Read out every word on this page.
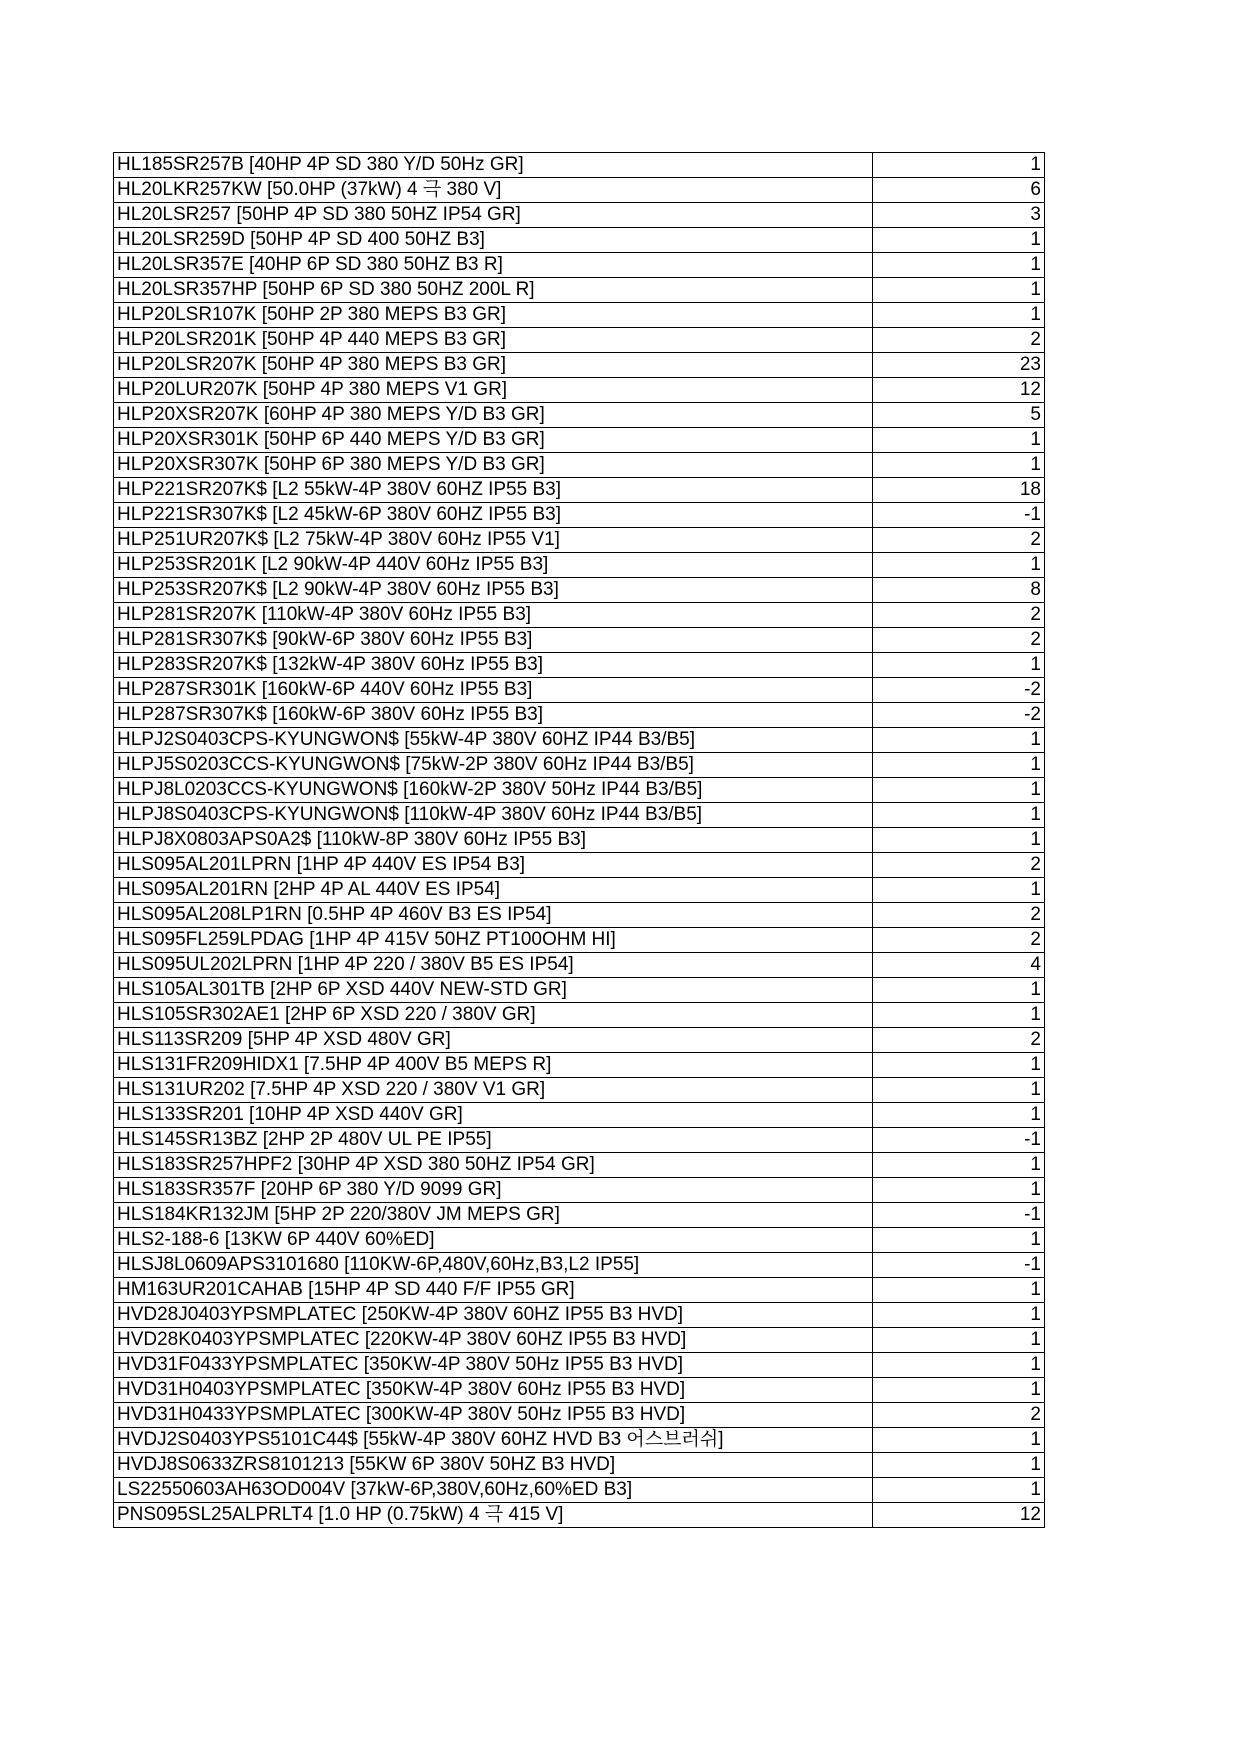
HL185SR257B [40HP 4P SD 380 Y/D 50Hz GR]	1
HL20LKR257KW [50.0HP (37kW) 4 극 380 V]	6
HL20LSR257 [50HP 4P SD 380 50HZ IP54 GR]	3
HL20LSR259D [50HP 4P SD 400 50HZ B3]	1
HL20LSR357E [40HP 6P SD 380 50HZ B3 R]	1
HL20LSR357HP [50HP 6P SD 380 50HZ 200L R]	1
HLP20LSR107K [50HP 2P 380 MEPS B3 GR]	1
HLP20LSR201K [50HP 4P 440 MEPS B3 GR]	2
HLP20LSR207K [50HP 4P 380 MEPS B3 GR]	23
HLP20LUR207K [50HP 4P 380 MEPS V1 GR]	12
HLP20XSR207K [60HP 4P 380 MEPS Y/D B3 GR]	5
HLP20XSR301K [50HP 6P 440 MEPS Y/D B3 GR]	1
HLP20XSR307K [50HP 6P 380 MEPS Y/D B3 GR]	1
HLP221SR207K$ [L2 55kW-4P 380V 60HZ IP55 B3]	18
HLP221SR307K$ [L2 45kW-6P 380V 60HZ IP55 B3]	-1
HLP251UR207K$ [L2 75kW-4P 380V 60Hz IP55 V1]	2
HLP253SR201K [L2 90kW-4P 440V 60Hz IP55 B3]	1
HLP253SR207K$ [L2 90kW-4P 380V 60Hz IP55 B3]	8
HLP281SR207K [110kW-4P 380V 60Hz IP55 B3]	2
HLP281SR307K$ [90kW-6P 380V 60Hz IP55 B3]	2
HLP283SR207K$ [132kW-4P 380V 60Hz IP55 B3]	1
HLP287SR301K [160kW-6P 440V 60Hz IP55 B3]	-2
HLP287SR307K$ [160kW-6P 380V 60Hz IP55 B3]	-2
HLPJ2S0403CPS-KYUNGWON$ [55kW-4P 380V 60HZ IP44 B3/B5]	1
HLPJ5S0203CCS-KYUNGWON$ [75kW-2P 380V 60Hz IP44 B3/B5]	1
HLPJ8L0203CCS-KYUNGWON$ [160kW-2P 380V 50Hz IP44 B3/B5]	1
HLPJ8S0403CPS-KYUNGWON$ [110kW-4P 380V 60Hz IP44 B3/B5]	1
HLPJ8X0803APS0A2$ [110kW-8P 380V 60Hz IP55 B3]	1
HLS095AL201LPRN [1HP 4P 440V ES IP54 B3]	2
HLS095AL201RN [2HP 4P AL 440V ES IP54]	1
HLS095AL208LP1RN [0.5HP 4P 460V B3 ES IP54]	2
HLS095FL259LPDAG [1HP 4P 415V 50HZ PT100OHM HI]	2
HLS095UL202LPRN [1HP 4P 220 / 380V B5 ES IP54]	4
HLS105AL301TB [2HP 6P XSD 440V NEW-STD GR]	1
HLS105SR302AE1 [2HP 6P XSD 220 / 380V GR]	1
HLS113SR209 [5HP 4P XSD 480V GR]	2
HLS131FR209HIDX1 [7.5HP 4P 400V B5 MEPS R]	1
HLS131UR202 [7.5HP 4P XSD 220 / 380V V1 GR]	1
HLS133SR201 [10HP 4P XSD 440V GR]	1
HLS145SR13BZ [2HP 2P 480V UL PE IP55]	-1
HLS183SR257HPF2 [30HP 4P XSD 380 50HZ IP54 GR]	1
HLS183SR357F [20HP 6P 380 Y/D 9099 GR]	1
HLS184KR132JM [5HP 2P 220/380V JM MEPS GR]	-1
HLS2-188-6 [13KW 6P 440V 60%ED]	1
HLSJ8L0609APS3101680 [110KW-6P,480V,60Hz,B3,L2 IP55]	-1
HM163UR201CAHAB [15HP 4P SD 440 F/F IP55 GR]	1
HVD28J0403YPSMPLATEC [250KW-4P 380V 60HZ IP55 B3 HVD]	1
HVD28K0403YPSMPLATEC [220KW-4P 380V 60HZ IP55 B3 HVD]	1
HVD31F0433YPSMPLATEC [350KW-4P 380V 50Hz IP55 B3 HVD]	1
HVD31H0403YPSMPLATEC [350KW-4P 380V 60Hz IP55 B3 HVD]	1
HVD31H0433YPSMPLATEC [300KW-4P 380V 50Hz IP55 B3 HVD]	2
HVDJ2S0403YPS5101C44$ [55kW-4P 380V 60HZ HVD B3 어스브러쉬]	1
HVDJ8S0633ZRS8101213 [55KW 6P 380V 50HZ B3 HVD]	1
LS22550603AH63OD004V [37kW-6P,380V,60Hz,60%ED B3]	1
PNS095SL25ALPRLT4 [1.0 HP (0.75kW) 4 극 415 V]	12
